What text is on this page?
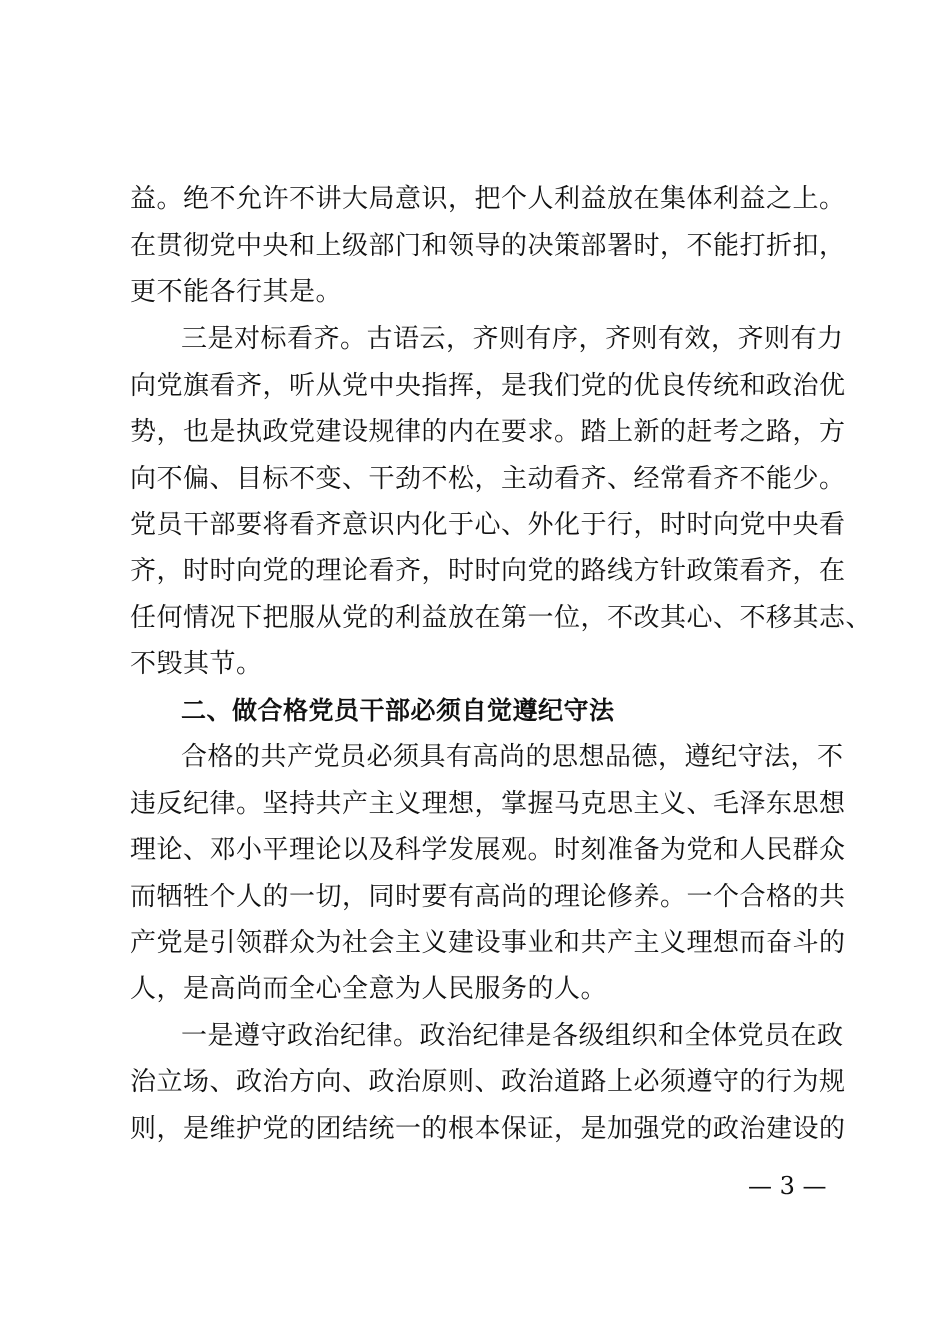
益。绝不允许不讲大局意识，把个人利益放在集体利益之上。
在贯彻党中央和上级部门和领导的决策部署时，不能打折扣，
更不能各行其是。
三是对标看齐。古语云，齐则有序，齐则有效，齐则有力
向党旗看齐，听从党中央指挥，是我们党的优良传统和政治优
势，也是执政党建设规律的内在要求。踏上新的赶考之路，方
向不偏、目标不变、干劲不松，主动看齐、经常看齐不能少。
党员干部要将看齐意识内化于心、外化于行，时时向党中央看
齐，时时向党的理论看齐，时时向党的路线方针政策看齐，在
任何情况下把服从党的利益放在第一位，不改其心、不移其志、
不毁其节。
二、做合格党员干部必须自觉遵纪守法
合格的共产党员必须具有高尚的思想品德，遵纪守法，不
违反纪律。坚持共产主义理想，掌握马克思主义、毛泽东思想
理论、邓小平理论以及科学发展观。时刻准备为党和人民群众
而牺牲个人的一切，同时要有高尚的理论修养。一个合格的共
产党是引领群众为社会主义建设事业和共产主义理想而奋斗的
人，是高尚而全心全意为人民服务的人。
一是遵守政治纪律。政治纪律是各级组织和全体党员在政
治立场、政治方向、政治原则、政治道路上必须遵守的行为规
则，是维护党的团结统一的根本保证，是加强党的政治建设的
— 3 —
